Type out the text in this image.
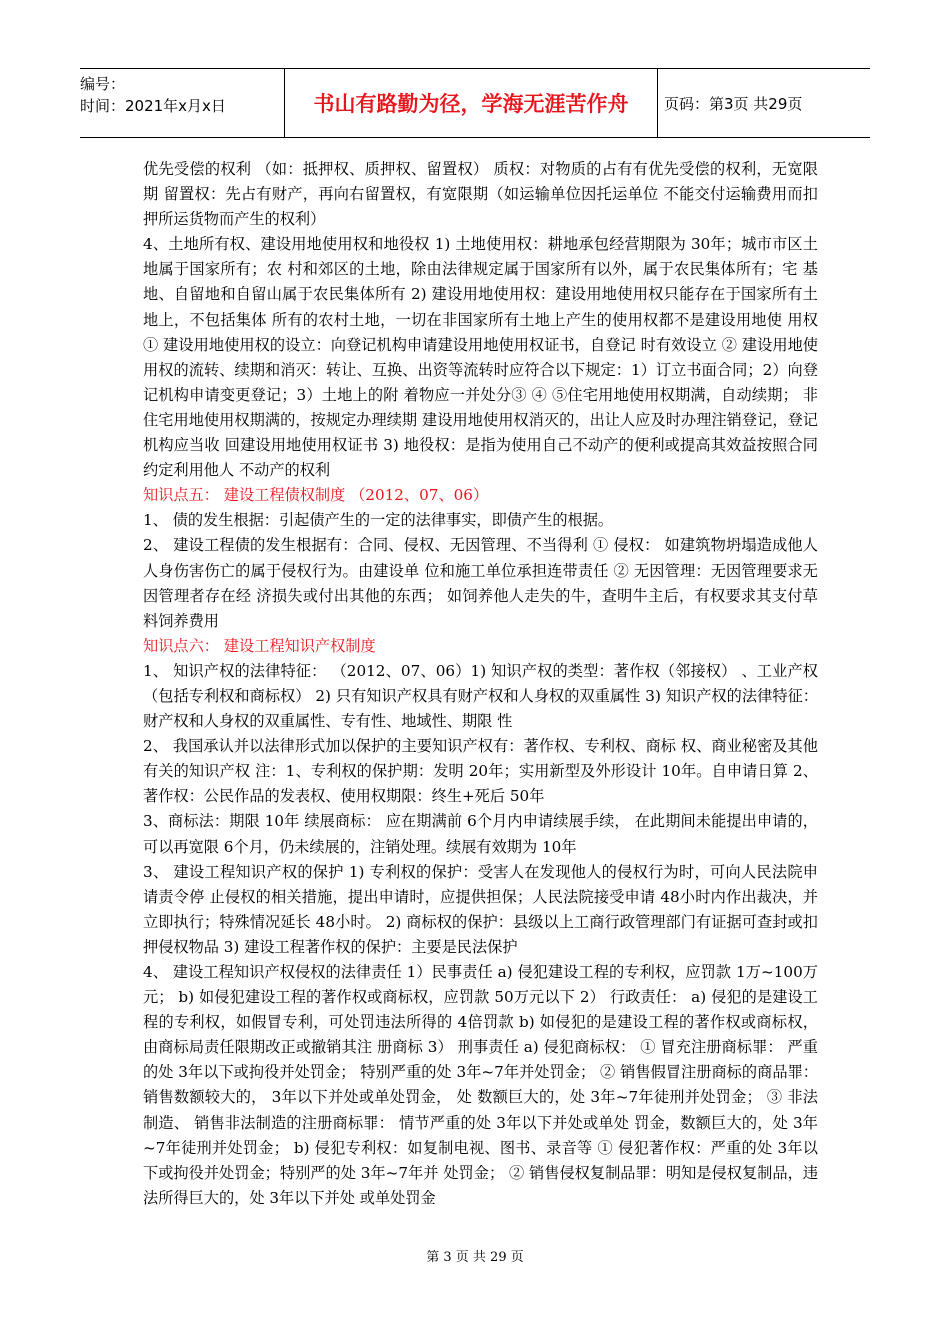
编号：
时间：2021年x月x日	书山有路勤为径，学海无涯苦作舟	页码：第3页 共29页

优先受偿的权利 （如：抵押权、质押权、留置权） 质权：对物质的占有有优先受偿的权利，无宽限期 留置权：先占有财产，再向右留置权，有宽限期（如运输单位因托运单位 不能交付运输费用而扣押所运货物而产生的权利）

4、土地所有权、建设用地使用权和地役权 1) 土地使用权：耕地承包经营期限为 30年；城市市区土地属于国家所有；农 村和郊区的土地，除由法律规定属于国家所有以外，属于农民集体所有；宅 基地、自留地和自留山属于农民集体所有 2) 建设用地使用权：建设用地使用权只能存在于国家所有土地上，不包括集体 所有的农村土地，一切在非国家所有土地上产生的使用权都不是建设用地使 用权 ① 建设用地使用权的设立：向登记机构申请建设用地使用权证书，自登记 时有效设立 ② 建设用地使用权的流转、续期和消灭：转让、互换、出资等流转时应符合以下规定：1）订立书面合同；2）向登记机构申请变更登记；3）土地上的附 着物应一并处分③ ④ ⑤住宅用地使用权期满，自动续期； 非住宅用地使用权期满的，按规定办理续期 建设用地使用权消灭的，出让人应及时办理注销登记，登记机构应当收 回建设用地使用权证书 3) 地役权：是指为使用自己不动产的便利或提高其效益按照合同约定利用他人 不动产的权利

知识点五： 建设工程债权制度 （2012、07、06）

1、 债的发生根据：引起债产生的一定的法律事实，即债产生的根据。

2、 建设工程债的发生根据有：合同、侵权、无因管理、不当得利 ① 侵权： 如建筑物坍塌造成他人人身伤害伤亡的属于侵权行为。由建设单 位和施工单位承担连带责任 ② 无因管理：无因管理要求无因管理者存在经 济损失或付出其他的东西； 如饲养他人走失的牛，查明牛主后，有权要求其支付草料饲养费用

知识点六： 建设工程知识产权制度

1、 知识产权的法律特征： （2012、07、06）1) 知识产权的类型：著作权（邻接权） 、工业产权（包括专利权和商标权） 2) 只有知识产权具有财产权和人身权的双重属性 3) 知识产权的法律特征：财产权和人身权的双重属性、专有性、地域性、期限 性

2、 我国承认并以法律形式加以保护的主要知识产权有：著作权、专利权、商标 权、商业秘密及其他有关的知识产权 注：1、专利权的保护期：发明 20年；实用新型及外形设计 10年。自申请日算 2、著作权：公民作品的发表权、使用权期限：终生+死后 50年

3、商标法：期限 10年 续展商标： 应在期满前 6个月内申请续展手续， 在此期间未能提出申请的， 可以再宽限 6个月，仍未续展的，注销处理。续展有效期为 10年

3、 建设工程知识产权的保护 1) 专利权的保护：受害人在发现他人的侵权行为时，可向人民法院申请责令停 止侵权的相关措施，提出申请时，应提供担保；人民法院接受申请 48小时内作出裁决，并立即执行；特殊情况延长 48小时。 2) 商标权的保护：县级以上工商行政管理部门有证据可查封或扣押侵权物品 3) 建设工程著作权的保护：主要是民法保护

4、 建设工程知识产权侵权的法律责任 1）民事责任 a) 侵犯建设工程的专利权，应罚款 1万~100万元； b) 如侵犯建设工程的著作权或商标权，应罚款 50万元以下 2） 行政责任： a) 侵犯的是建设工程的专利权，如假冒专利，可处罚违法所得的 4倍罚款 b) 如侵犯的是建设工程的著作权或商标权，由商标局责任限期改正或撤销其注 册商标 3） 刑事责任 a) 侵犯商标权： ① 冒充注册商标罪： 严重的处 3年以下或拘役并处罚金； 特别严重的处 3年~7年并处罚金； ② 销售假冒注册商标的商品罪： 销售数额较大的， 3年以下并处或单处罚金， 处 数额巨大的，处 3年~7年徒刑并处罚金； ③ 非法制造、 销售非法制造的注册商标罪： 情节严重的处 3年以下并处或单处 罚金，数额巨大的，处 3年~7年徒刑并处罚金； b) 侵犯专利权：如复制电视、图书、录音等 ① 侵犯著作权：严重的处 3年以下或拘役并处罚金；特别严的处 3年~7年并 处罚金； ② 销售侵权复制品罪：明知是侵权复制品，违法所得巨大的，处 3年以下并处 或单处罚金

第 3 页 共 29 页
